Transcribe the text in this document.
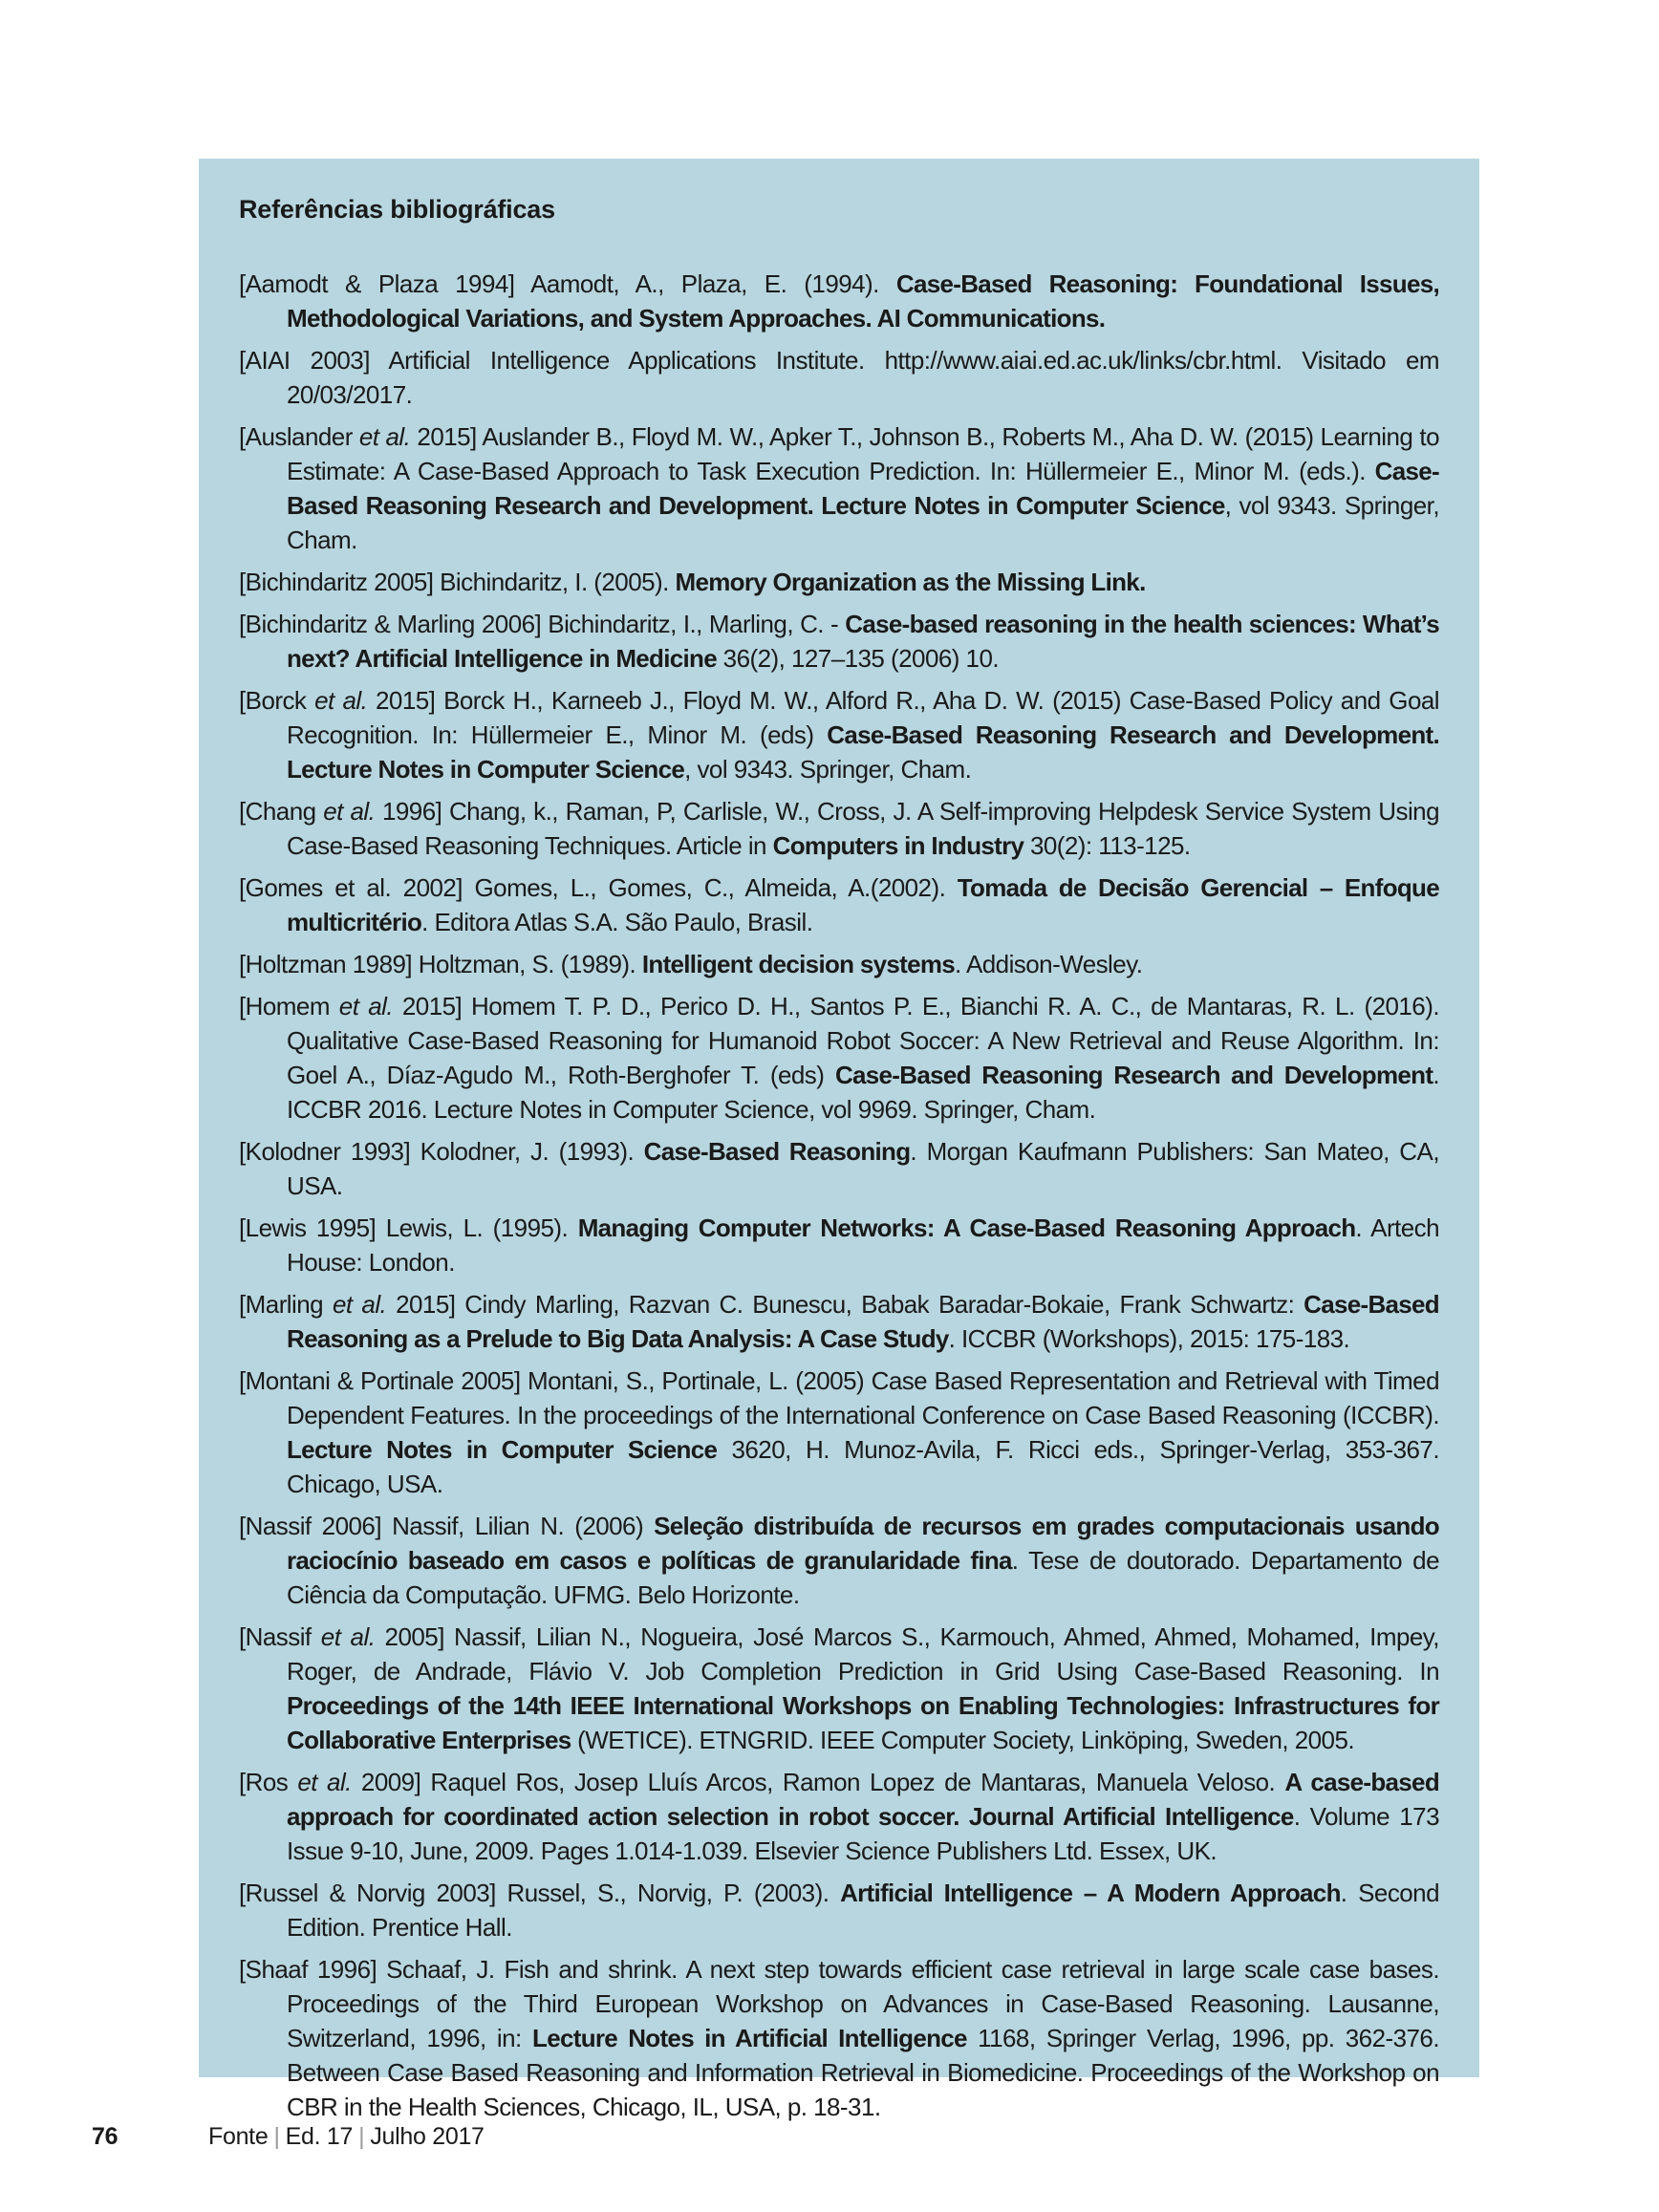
Referências bibliográficas
[Aamodt & Plaza 1994] Aamodt, A., Plaza, E. (1994). Case-Based Reasoning: Foundational Issues, Methodological Variations, and System Approaches. AI Communications.
[AIAI 2003] Artificial Intelligence Applications Institute. http://www.aiai.ed.ac.uk/links/cbr.html. Visitado em 20/03/2017.
[Auslander et al. 2015] Auslander B., Floyd M. W., Apker T., Johnson B., Roberts M., Aha D. W. (2015) Learning to Estimate: A Case-Based Approach to Task Execution Prediction. In: Hüllermeier E., Minor M. (eds.). Case-Based Reasoning Research and Development. Lecture Notes in Computer Science, vol 9343. Springer, Cham.
[Bichindaritz 2005] Bichindaritz, I. (2005). Memory Organization as the Missing Link.
[Bichindaritz & Marling 2006] Bichindaritz, I., Marling, C. - Case-based reasoning in the health sciences: What’s next? Artificial Intelligence in Medicine 36(2), 127–135 (2006) 10.
[Borck et al. 2015] Borck H., Karneeb J., Floyd M. W., Alford R., Aha D. W. (2015) Case-Based Policy and Goal Recognition. In: Hüllermeier E., Minor M. (eds) Case-Based Reasoning Research and Development. Lecture Notes in Computer Science, vol 9343. Springer, Cham.
[Chang et al. 1996] Chang, k., Raman, P, Carlisle, W., Cross, J. A Self-improving Helpdesk Service System Using Case-Based Reasoning Techniques. Article in Computers in Industry 30(2): 113-125.
[Gomes et al. 2002] Gomes, L., Gomes, C., Almeida, A.(2002). Tomada de Decisão Gerencial – Enfoque multicritério. Editora Atlas S.A. São Paulo, Brasil.
[Holtzman 1989] Holtzman, S. (1989). Intelligent decision systems. Addison-Wesley.
[Homem et al. 2015] Homem T. P. D., Perico D. H., Santos P. E., Bianchi R. A. C., de Mantaras, R. L. (2016). Qualitative Case-Based Reasoning for Humanoid Robot Soccer: A New Retrieval and Reuse Algorithm. In: Goel A., Díaz-Agudo M., Roth-Berghofer T. (eds) Case-Based Reasoning Research and Development. ICCBR 2016. Lecture Notes in Computer Science, vol 9969. Springer, Cham.
[Kolodner 1993] Kolodner, J. (1993). Case-Based Reasoning. Morgan Kaufmann Publishers: San Mateo, CA, USA.
[Lewis 1995] Lewis, L. (1995). Managing Computer Networks: A Case-Based Reasoning Approach. Artech House: London.
[Marling et al. 2015] Cindy Marling, Razvan C. Bunescu, Babak Baradar-Bokaie, Frank Schwartz: Case-Based Reasoning as a Prelude to Big Data Analysis: A Case Study. ICCBR (Workshops), 2015: 175-183.
[Montani & Portinale 2005] Montani, S., Portinale, L. (2005) Case Based Representation and Retrieval with Timed Dependent Features. In the proceedings of the International Conference on Case Based Reasoning (ICCBR). Lecture Notes in Computer Science 3620, H. Munoz-Avila, F. Ricci eds., Springer-Verlag, 353-367. Chicago, USA.
[Nassif 2006] Nassif, Lilian N. (2006) Seleção distribuída de recursos em grades computacionais usando raciocínio baseado em casos e políticas de granularidade fina. Tese de doutorado. Departamento de Ciência da Computação. UFMG. Belo Horizonte.
[Nassif et al. 2005] Nassif, Lilian N., Nogueira, José Marcos S., Karmouch, Ahmed, Ahmed, Mohamed, Impey, Roger, de Andrade, Flávio V. Job Completion Prediction in Grid Using Case-Based Reasoning. In Proceedings of the 14th IEEE International Workshops on Enabling Technologies: Infrastructures for Collaborative Enterprises (WETICE). ETNGRID. IEEE Computer Society, Linköping, Sweden, 2005.
[Ros et al. 2009] Raquel Ros, Josep Lluís Arcos, Ramon Lopez de Mantaras, Manuela Veloso. A case-based approach for coordinated action selection in robot soccer. Journal Artificial Intelligence. Volume 173 Issue 9-10, June, 2009. Pages 1.014-1.039. Elsevier Science Publishers Ltd. Essex, UK.
[Russel & Norvig 2003] Russel, S., Norvig, P. (2003). Artificial Intelligence – A Modern Approach. Second Edition. Prentice Hall.
[Shaaf 1996] Schaaf, J. Fish and shrink. A next step towards efficient case retrieval in large scale case bases. Proceedings of the Third European Workshop on Advances in Case-Based Reasoning. Lausanne, Switzerland, 1996, in: Lecture Notes in Artificial Intelligence 1168, Springer Verlag, 1996, pp. 362-376. Between Case Based Reasoning and Information Retrieval in Biomedicine. Proceedings of the Workshop on CBR in the Health Sciences, Chicago, IL, USA, p. 18-31.
76	Fonte | Ed. 17 | Julho 2017
